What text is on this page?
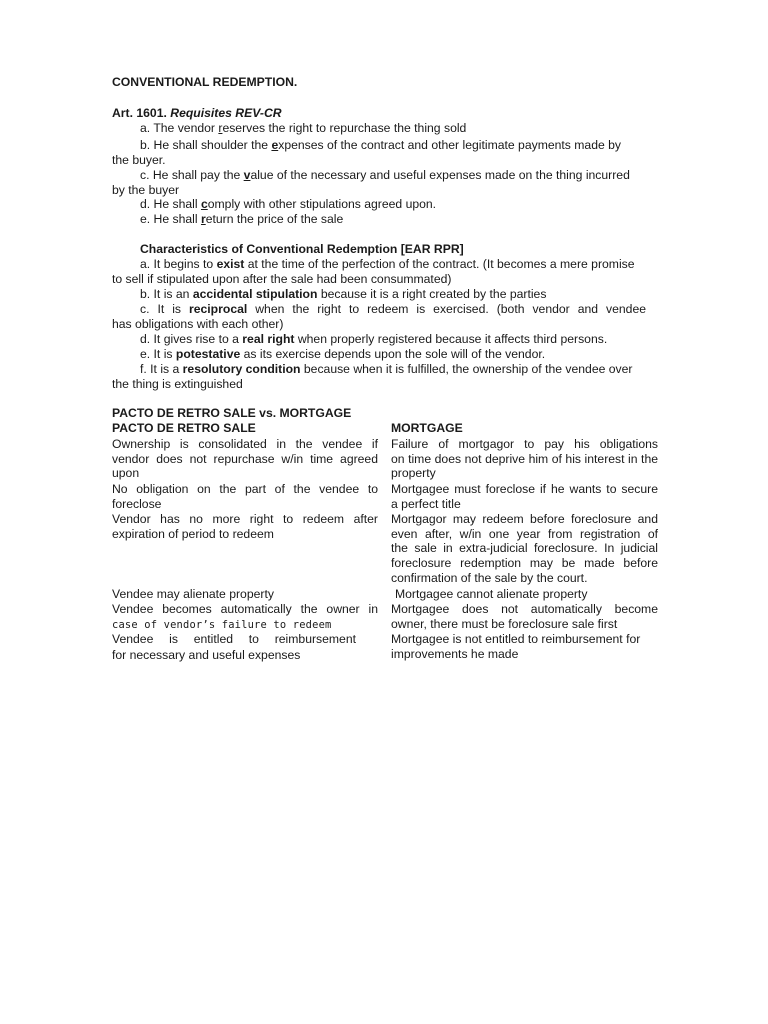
CONVENTIONAL REDEMPTION.
Art. 1601. Requisites REV-CR
a. The vendor reserves the right to repurchase the thing sold
b. He shall shoulder the expenses of the contract and other legitimate payments made by
the buyer.
c. He shall pay the value of the necessary and useful expenses made on the thing incurred
by the buyer
d. He shall comply with other stipulations agreed upon.
e. He shall return the price of the sale
Characteristics of Conventional Redemption [EAR RPR]
a. It begins to exist at the time of the perfection of the contract. (It becomes a mere promise
to sell if stipulated upon after the sale had been consummated)
b. It is an accidental stipulation because it is a right created by the parties
c. It is reciprocal when the right to redeem is exercised. (both vendor and vendee
has obligations with each other)
d. It gives rise to a real right when properly registered because it affects third persons.
e. It is potestative as its exercise depends upon the sole will of the vendor.
f. It is a resolutory condition because when it is fulfilled, the ownership of the vendee over
the thing is extinguished
PACTO DE RETRO SALE vs. MORTGAGE
PACTO DE RETRO SALE	MORTGAGE
Ownership is consolidated in the vendee if
vendor does not repurchase w/in time agreed
upon
Failure of mortgagor to pay his obligations
on time does not deprive him of his interest in the
property
No obligation on the part of the vendee to
foreclose
Mortgagee must foreclose if he wants to secure
a perfect title
Vendor has no more right to redeem after
expiration of period to redeem
Mortgagor may redeem before foreclosure and
even after, w/in one year from registration of
the sale in extra-judicial foreclosure. In judicial
foreclosure redemption may be made before
confirmation of the sale by the court.
Vendee may alienate property	Mortgagee cannot alienate property
Vendee becomes automatically the owner in
case of vendor’s failure to redeem
Mortgagee does not automatically become
owner, there must be foreclosure sale first
Vendee is entitled to reimbursement
for necessary and useful expenses
Mortgagee is not entitled to reimbursement for
improvements he made
